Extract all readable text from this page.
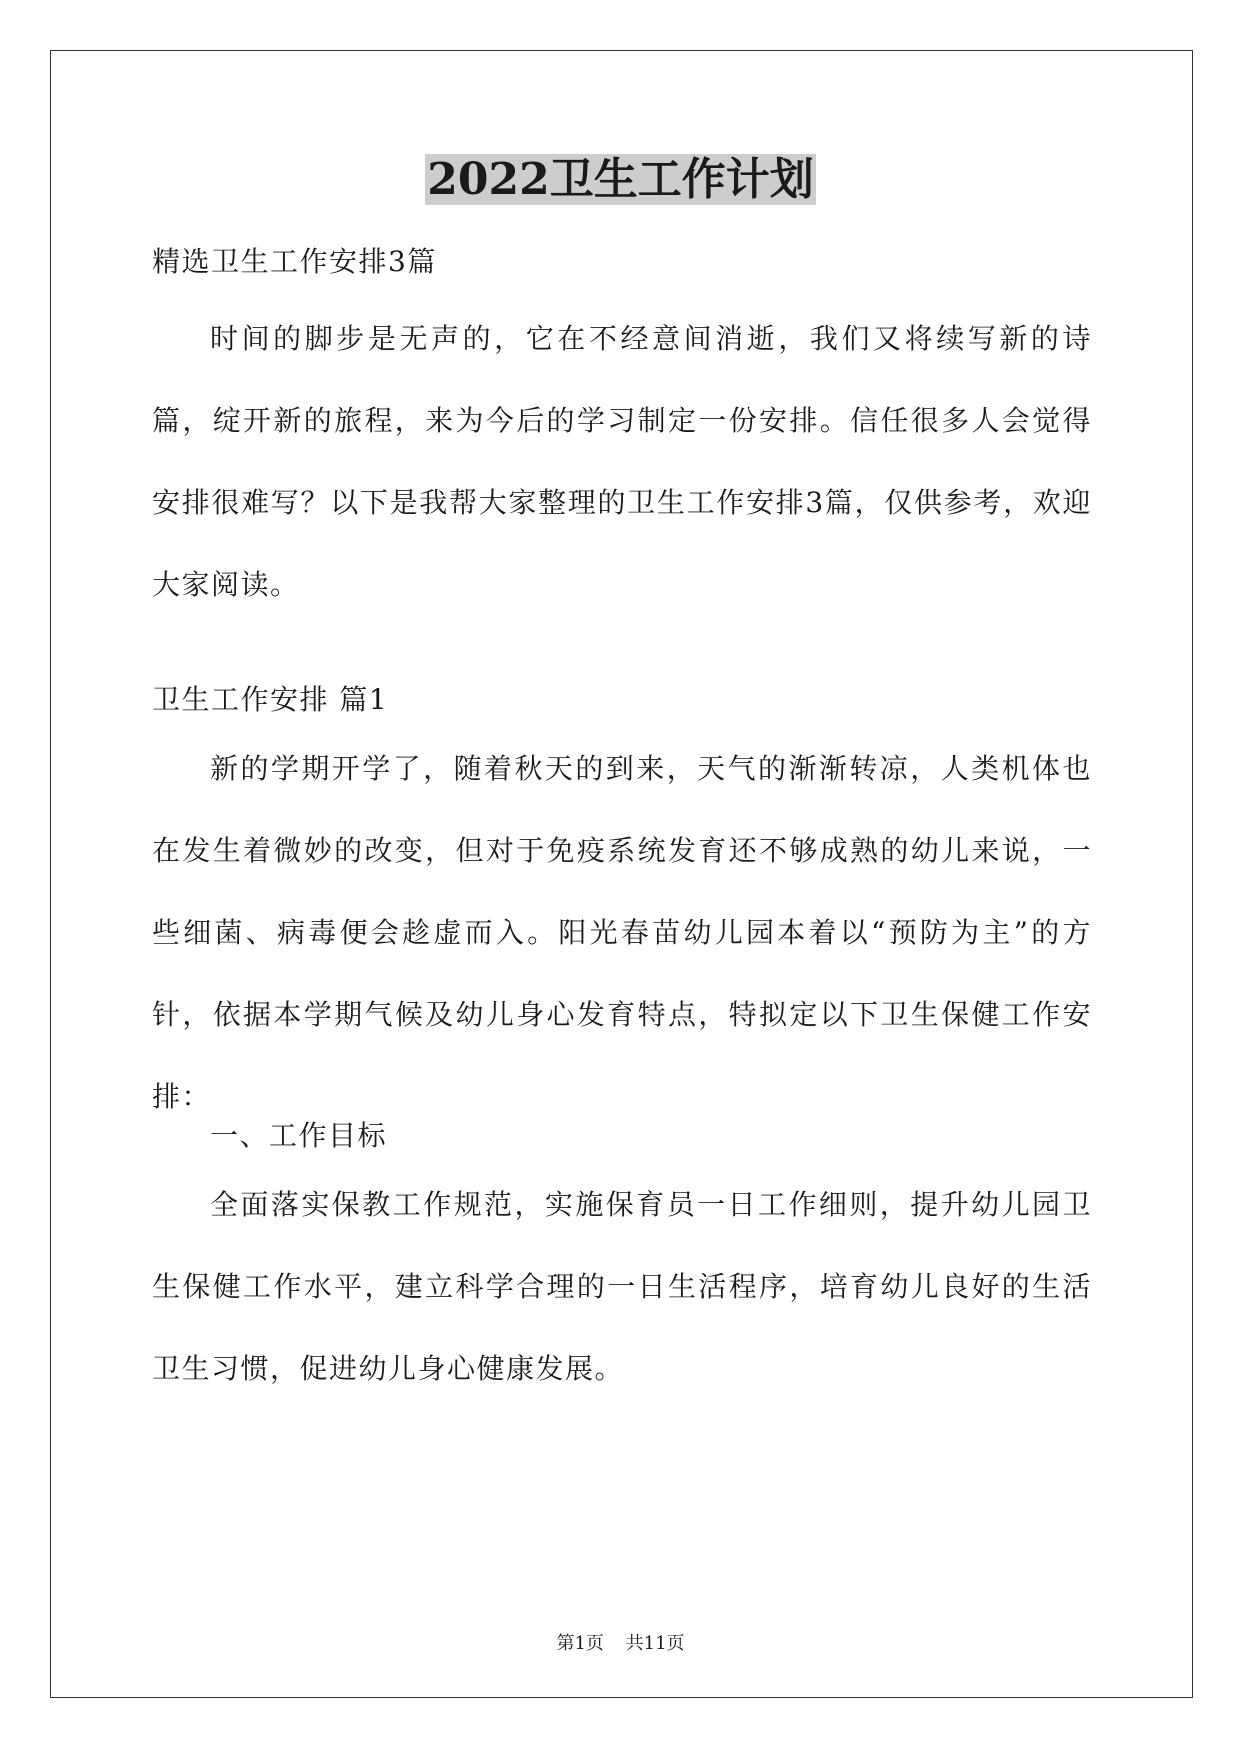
2022卫生工作计划
精选卫生工作安排3篇

时间的脚步是无声的，它在不经意间消逝，我们又将续写新的诗篇，绽开新的旅程，来为今后的学习制定一份安排。信任很多人会觉得安排很难写？以下是我帮大家整理的卫生工作安排3篇，仅供参考，欢迎大家阅读。

卫生工作安排 篇1

新的学期开学了，随着秋天的到来，天气的渐渐转凉，人类机体也在发生着微妙的改变，但对于免疫系统发育还不够成熟的幼儿来说，一些细菌、病毒便会趁虚而入。阳光春苗幼儿园本着以“预防为主”的方针，依据本学期气候及幼儿身心发育特点，特拟定以下卫生保健工作安排：

一、工作目标

全面落实保教工作规范，实施保育员一日工作细则，提升幼儿园卫生保健工作水平，建立科学合理的一日生活程序，培育幼儿良好的生活卫生习惯，促进幼儿身心健康发展。

第1页 共11页
